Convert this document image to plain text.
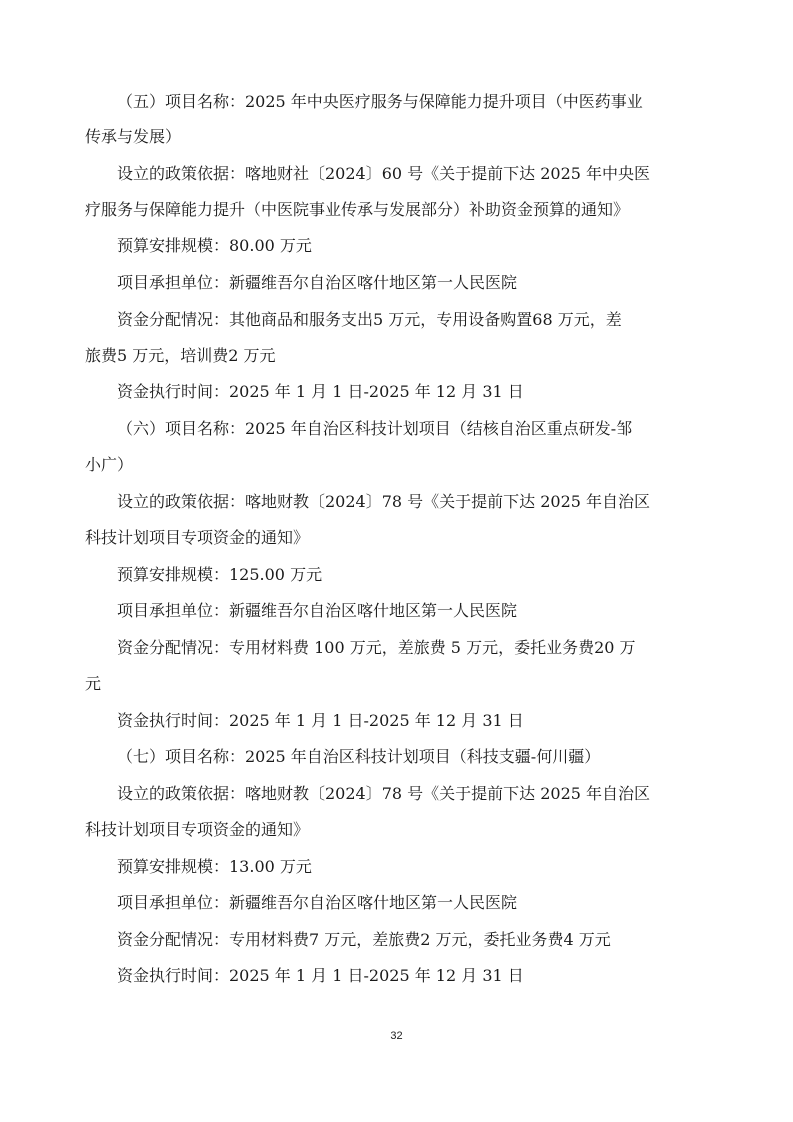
（五）项目名称：2025 年中央医疗服务与保障能力提升项目（中医药事业
传承与发展）
设立的政策依据：喀地财社〔2024〕60 号《关于提前下达 2025 年中央医
疗服务与保障能力提升（中医院事业传承与发展部分）补助资金预算的通知》
预算安排规模：80.00 万元
项目承担单位：新疆维吾尔自治区喀什地区第一人民医院
资金分配情况：其他商品和服务支出5 万元，专用设备购置68 万元，差
旅费5 万元，培训费2 万元
资金执行时间：2025 年 1 月 1 日-2025 年 12 月 31 日
（六）项目名称：2025 年自治区科技计划项目（结核自治区重点研发-邹
小广）
设立的政策依据：喀地财教〔2024〕78 号《关于提前下达 2025 年自治区
科技计划项目专项资金的通知》
预算安排规模：125.00 万元
项目承担单位：新疆维吾尔自治区喀什地区第一人民医院
资金分配情况：专用材料费 100 万元，差旅费 5 万元，委托业务费20 万
元
资金执行时间：2025 年 1 月 1 日-2025 年 12 月 31 日
（七）项目名称：2025 年自治区科技计划项目（科技支疆-何川疆）
设立的政策依据：喀地财教〔2024〕78 号《关于提前下达 2025 年自治区
科技计划项目专项资金的通知》
预算安排规模：13.00 万元
项目承担单位：新疆维吾尔自治区喀什地区第一人民医院
资金分配情况：专用材料费7 万元，差旅费2 万元，委托业务费4 万元
资金执行时间：2025 年 1 月 1 日-2025 年 12 月 31 日
32
